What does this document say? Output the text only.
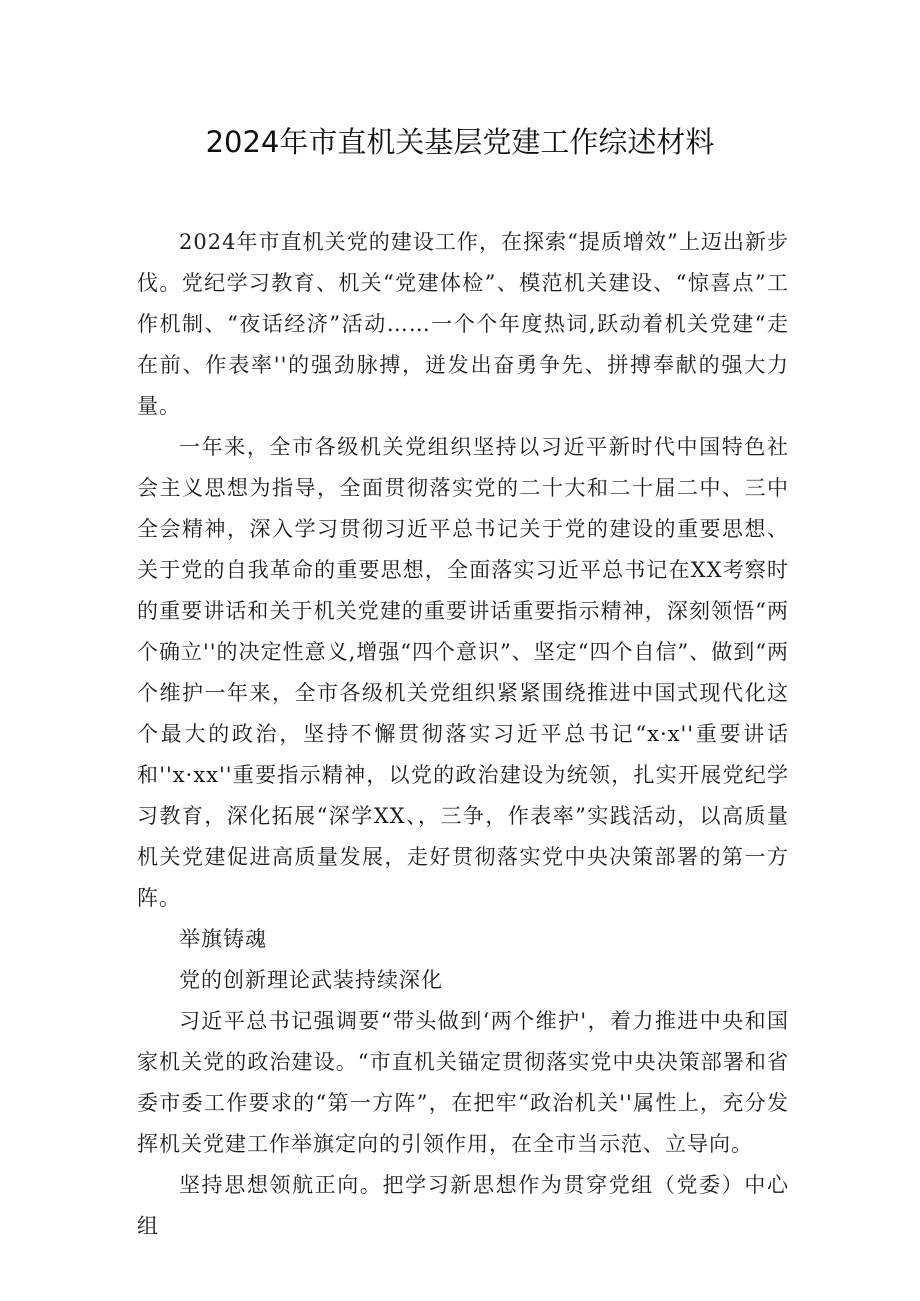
2024年市直机关基层党建工作综述材料

2024年市直机关党的建设工作，在探索“提质增效”上迈出新步伐。党纪学习教育、机关“党建体检”、模范机关建设、“惊喜点”工作机制、“夜话经济”活动……一个个年度热词,跃动着机关党建“走在前、作表率''的强劲脉搏，迸发出奋勇争先、拼搏奉献的强大力量。

一年来，全市各级机关党组织坚持以习近平新时代中国特色社会主义思想为指导，全面贯彻落实党的二十大和二十届二中、三中全会精神，深入学习贯彻习近平总书记关于党的建设的重要思想、关于党的自我革命的重要思想，全面落实习近平总书记在XX考察时的重要讲话和关于机关党建的重要讲话重要指示精神，深刻领悟“两个确立''的决定性意义,增强“四个意识”、坚定“四个自信”、做到“两个维护一年来，全市各级机关党组织紧紧围绕推进中国式现代化这个最大的政治，坚持不懈贯彻落实习近平总书记“x·x''重要讲话和''x·xx''重要指示精神，以党的政治建设为统领，扎实开展党纪学习教育，深化拓展“深学XX、，三争，作表率”实践活动，以高质量机关党建促进高质量发展，走好贯彻落实党中央决策部署的第一方阵。

举旗铸魂

党的创新理论武装持续深化

习近平总书记强调要“带头做到‘两个维护'，着力推进中央和国家机关党的政治建设。“市直机关锚定贯彻落实党中央决策部署和省委市委工作要求的“第一方阵”，在把牢“政治机关''属性上，充分发挥机关党建工作举旗定向的引领作用，在全市当示范、立导向。

坚持思想领航正向。把学习新思想作为贯穿党组（党委）中心组
